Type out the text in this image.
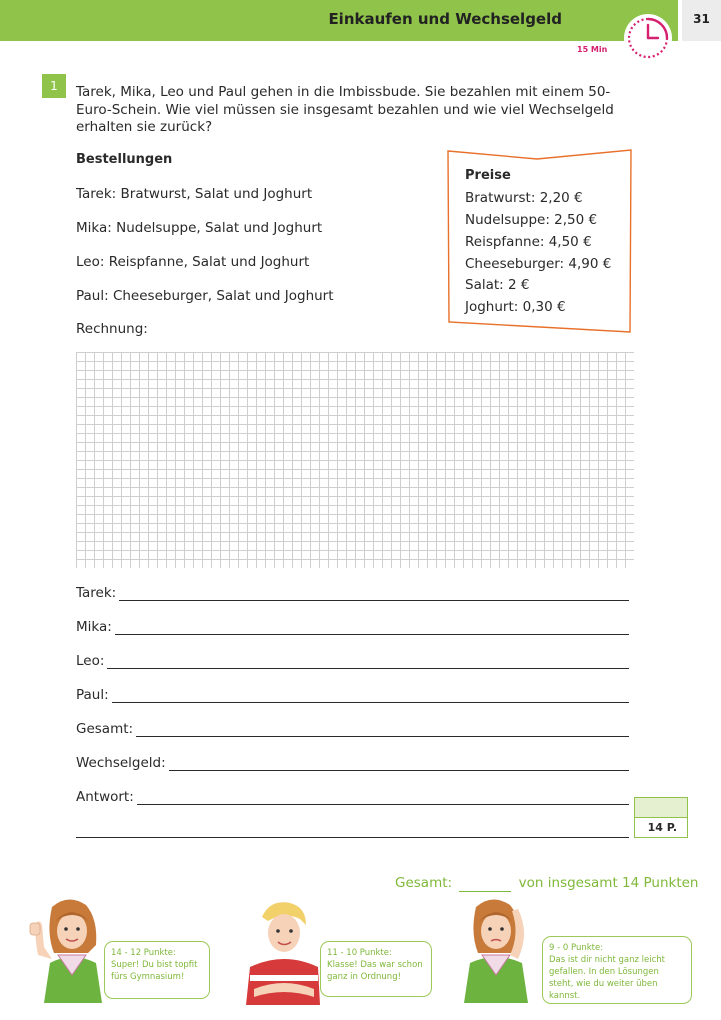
Einkaufen und Wechselgeld	31
15 Min
1	Tarek, Mika, Leo und Paul gehen in die Imbissbude. Sie bezahlen mit einem 50-Euro-Schein. Wie viel müssen sie insgesamt bezahlen und wie viel Wechselgeld erhalten sie zurück?

Bestellungen
Tarek: Bratwurst, Salat und Joghurt
Mika: Nudelsuppe, Salat und Joghurt
Leo: Reispfanne, Salat und Joghurt
Paul: Cheeseburger, Salat und Joghurt
Preise
Bratwurst: 2,20 €
Nudelsuppe: 2,50 €
Reispfanne: 4,50 €
Cheeseburger: 4,90 €
Salat: 2 €
Joghurt: 0,30 €
Rechnung:
Tarek:
Mika:
Leo:
Paul:
Gesamt:
Wechselgeld:
Antwort:
14 P.
Gesamt:	von insgesamt 14 Punkten

14 - 12 Punkte:

Super! Du bist topfit fürs Gymnasium!

11 - 10 Punkte:

Klasse! Das war schon ganz in Ordnung!

9 - 0 Punkte:

Das ist dir nicht ganz leicht gefallen. In den Lösungen steht, wie du weiter üben kannst.
